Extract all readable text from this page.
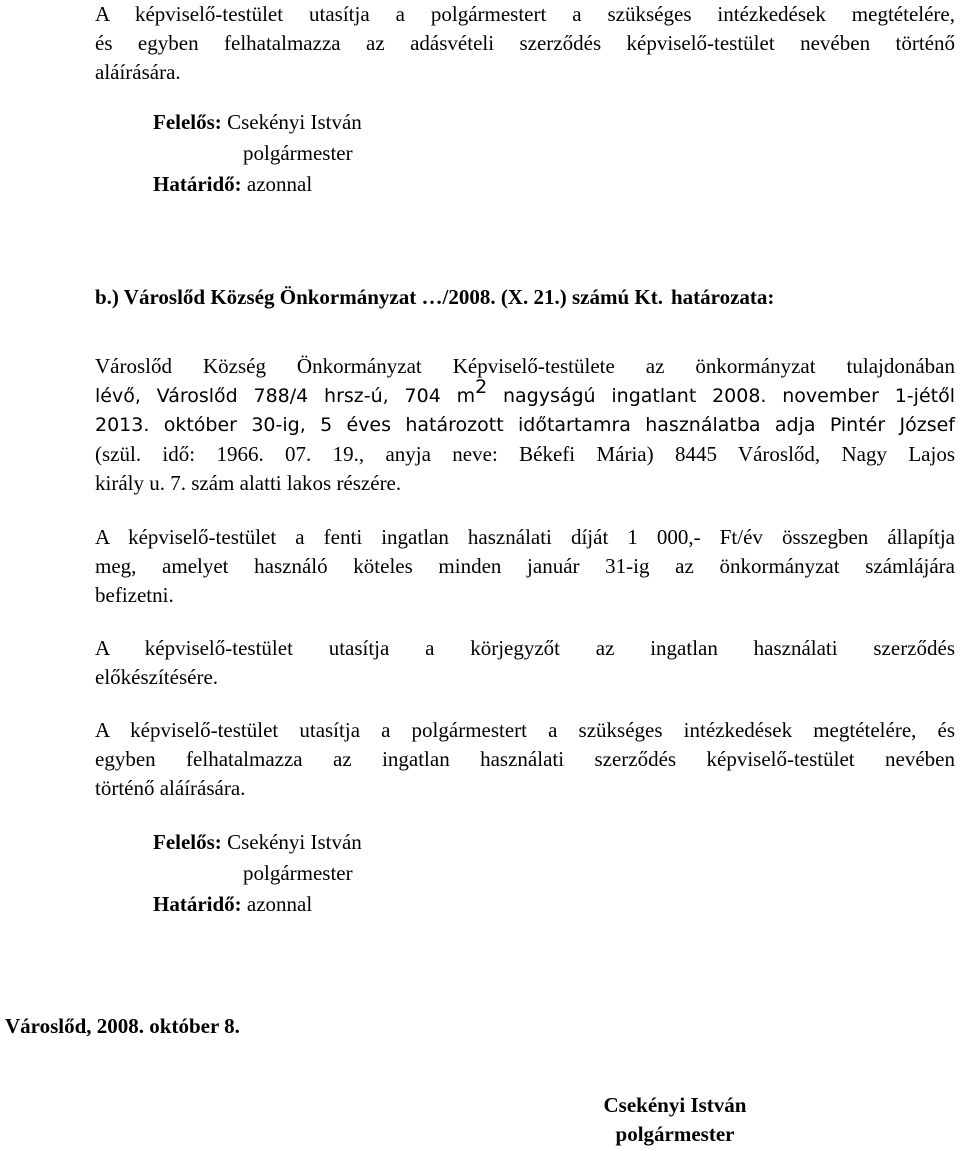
A képviselő-testület utasítja a polgármestert a szükséges intézkedések megtételére,
és egyben felhatalmazza az adásvételi szerződés képviselő-testület nevében történő
aláírására.

Felelős: Csekényi István
polgármester
Határidő: azonnal

b.) Városlőd Község Önkormányzat …/2008. (X. 21.) számú Kt. határozata:

Városlőd Község Önkormányzat Képviselő-testülete az önkormányzat tulajdonában
lévő, Városlőd 788/4 hrsz-ú, 704 $m^2$ nagyságú ingatlant 2008. november 1-jétől
2013. október 30-ig, 5 éves határozott időtartamra használatba adja Pintér József
(szül. idő: 1966. 07. 19., anyja neve: Békefi Mária) 8445 Városlőd, Nagy Lajos
király u. 7. szám alatti lakos részére.

A képviselő-testület a fenti ingatlan használati díját 1 000,- Ft/év összegben állapítja
meg, amelyet használó köteles minden január 31-ig az önkormányzat számlájára
befizetni.

A képviselő-testület utasítja a körjegyzőt az ingatlan használati szerződés
előkészítésére.

A képviselő-testület utasítja a polgármestert a szükséges intézkedések megtételére, és
egyben felhatalmazza az ingatlan használati szerződés képviselő-testület nevében
történő aláírására.

Felelős: Csekényi István
polgármester
Határidő: azonnal

Városlőd, 2008. október 8.

Csekényi István
polgármester
